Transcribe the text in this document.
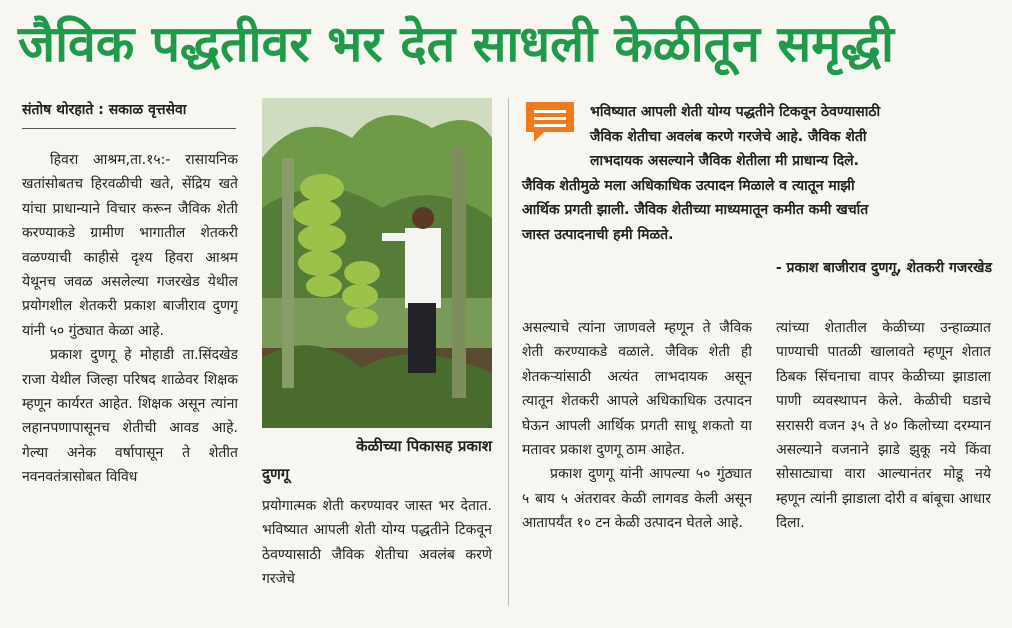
जैविक पद्धतीवर भर देत साधली केळीतून समृद्धी
संतोष थोरहाते : सकाळ वृत्तसेवा

हिवरा आश्रम,ता.१५:- रासायनिक खतांसोबतच हिरवळीची खते, सेंद्रिय खते यांचा प्राधान्याने विचार करून जैविक शेती करण्याकडे ग्रामीण भागातील शेतकरी वळण्याची काहीसे दृश्य हिवरा आश्रम येथूनच जवळ असलेल्या गजरखेड येथील प्रयोगशील शेतकरी प्रकाश बाजीराव दुणगू यांनी ५० गुंठ्यात केळा आहे.

प्रकाश दुणगू हे मोहाडी ता.सिंदखेड राजा येथील जिल्हा परिषद शाळेवर शिक्षक म्हणून कार्यरत आहेत. शिक्षक असून त्यांना लहानपणापासूनच शेतीची आवड आहे. गेल्या अनेक वर्षापासून ते शेतीत नवनवतंत्रासोबत विविध

केळीच्या पिकासह प्रकाश
दुणगू

प्रयोगात्मक शेती करण्यावर जास्त भर देतात. भविष्यात आपली शेती योग्य पद्धतीने टिकवून ठेवण्यासाठी जैविक शेतीचा अवलंब करणे गरजेचे

भविष्यात आपली शेती योग्य पद्धतीने टिकवून ठेवण्यासाठी
जैविक शेतीचा अवलंब करणे गरजेचे आहे. जैविक शेती
लाभदायक असल्याने जैविक शेतीला मी प्राधान्य दिले.
जैविक शेतीमुळे मला अधिकाधिक उत्पादन मिळाले व त्यातून माझी
आर्थिक प्रगती झाली. जैविक शेतीच्या माध्यमातून कमीत कमी खर्चात
जास्त उत्पादनाची हमी मिळते.
- प्रकाश बाजीराव दुणगू, शेतकरी गजरखेड

असल्याचे त्यांना जाणवले म्हणून ते जैविक शेती करण्याकडे वळाले. जैविक शेती ही शेतकऱ्यांसाठी अत्यंत लाभदायक असून त्यातून शेतकरी आपले अधिकाधिक उत्पादन घेऊन आपली आर्थिक प्रगती साधू शकतो या मतावर प्रकाश दुणगू ठाम आहेत.

प्रकाश दुणगू यांनी आपल्या ५० गुंठ्यात ५ बाय ५ अंतरावर केळी लागवड केली असून आतापर्यंत १० टन केळी उत्पादन घेतले आहे.

त्यांच्या शेतातील केळीच्या उन्हाळ्यात पाण्याची पातळी खालावते म्हणून शेतात ठिबक सिंचनाचा वापर केळीच्या झाडाला पाणी व्यवस्थापन केले. केळीची घडाचे सरासरी वजन ३५ ते ४० किलोच्या दरम्यान असल्याने वजनाने झाडे झुकू नये किंवा सोसाट्याचा वारा आल्यानंतर मोडू नये म्हणून त्यांनी झाडाला दोरी व बांबूचा आधार दिला.
